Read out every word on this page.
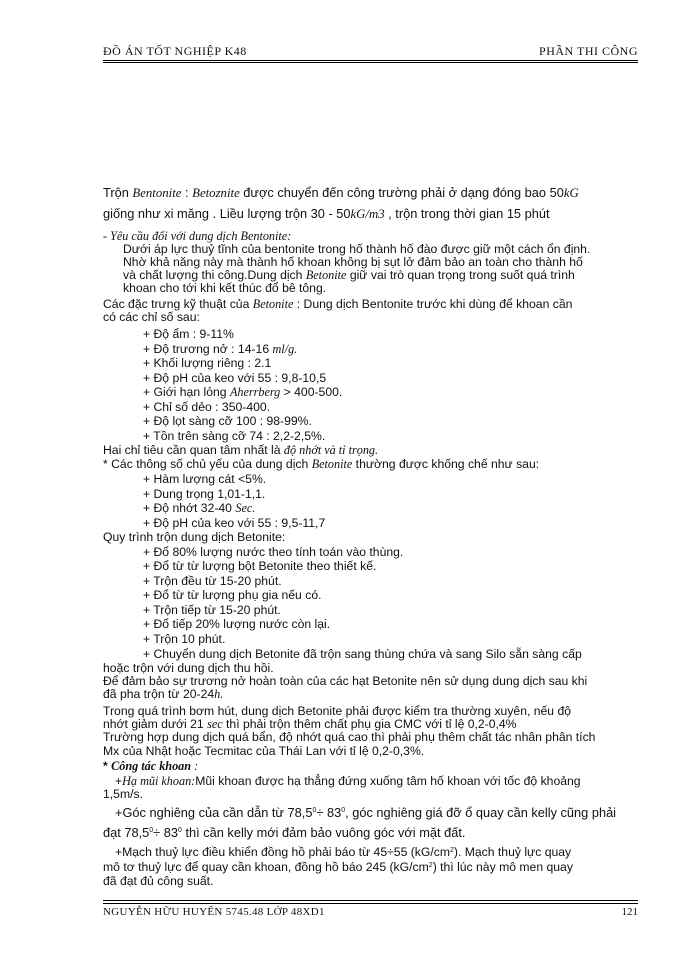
ĐỒ ÁN TỐT NGHIỆP K48	PHẦN THI CÔNG
Trộn Bentonite : Betoznite được chuyển đến công trường phải ở dạng đóng bao 50kG
giống như xi măng . Liều lượng trộn 30 - 50kG/m3 , trộn trong thời gian 15 phút
- Yêu cầu đối với dung dịch Bentonite:
Dưới áp lực thuỷ tĩnh của bentonite trong hố thành hố đào được giữ một cách ổn định.
Nhờ khả năng này mà thành hố khoan không bị sụt lở đảm bảo an toàn cho thành hố
và chất lượng thi công.Dung dịch Betonite giữ vai trò quan trọng trong suốt quá trình
khoan cho tới khi kết thúc đổ bê tông.
Các đặc trưng kỹ thuật của Betonite : Dung dịch Bentonite trước khi dùng để khoan cần
có các chỉ số sau:
+ Độ ẩm : 9-11%
+ Độ trương nở : 14-16 ml/g.
+ Khối lượng riêng : 2.1
+ Độ pH của keo với 55 : 9,8-10,5
+ Giới hạn lỏng Aherrberg > 400-500.
+ Chỉ số dẻo : 350-400.
+ Độ lọt sàng cỡ 100 : 98-99%.
+ Tồn trên sàng cỡ 74 : 2,2-2,5%.
Hai chỉ tiêu cần quan tâm nhất là độ nhớt và tỉ trọng.
* Các thông số chủ yếu của dung dịch Betonite thường được khống chế như sau:
+ Hàm lượng cát <5%.
+ Dung trọng 1,01-1,1.
+ Độ nhớt 32-40 Sec.
+ Độ pH của keo với 55 : 9,5-11,7
Quy trình trộn dung dịch Betonite:
+ Đổ 80% lượng nước theo tính toán vào thùng.
+ Đổ từ từ lượng bột Betonite theo thiết kế.
+ Trộn đều từ 15-20 phút.
+ Đổ từ từ lượng phụ gia nếu có.
+ Trộn tiếp từ 15-20 phút.
+ Đổ tiếp 20% lượng nước còn lại.
+ Trộn 10 phút.
+ Chuyển dung dịch Betonite đã trộn sang thùng chứa và sang Silo sẵn sàng cấp
hoặc trộn với dung dịch thu hồi.
Để đảm bảo sự trương nở hoàn toàn của các hạt Betonite nên sử dụng dung dịch sau khi
đã pha trộn từ 20-24h.
Trong quá trình bơm hút, dung dịch Betonite phải được kiểm tra thường xuyên, nếu độ
nhớt giảm dưới 21 sec thì phải trộn thêm chất phụ gia CMC với tỉ lệ 0,2-0,4%
Trường hợp dung dịch quá bẩn, độ nhớt quá cao thì phải phụ thêm chất tác nhân phân tích
Mx của Nhật hoặc Tecmitac của Thái Lan với tỉ lệ 0,2-0,3%.
* Công tác khoan :
+Hạ mũi khoan:Mũi khoan được hạ thẳng đứng xuống tâm hố khoan với tốc độ khoảng
1,5m/s.
+Góc nghiêng của cần dẫn từ $78,5^0\div 83^0$, góc nghiêng giá đỡ ổ quay cần kelly cũng phải
đạt $78,5^0\div 83^0$ thì cần kelly mới đảm bảo vuông góc với mặt đất.
+Mạch thuỷ lực điều khiển đồng hồ phải báo từ 45÷55 $(kG/cm^2)$. Mạch thuỷ lực quay
mô tơ thuỷ lực để quay cần khoan, đồng hồ báo 245 $(kG/cm^2)$ thì lúc này mô men quay
đã đạt đủ công suất.
NGUYỄN HỮU HUYẾN 5745.48 LỚP 48XD1	121
